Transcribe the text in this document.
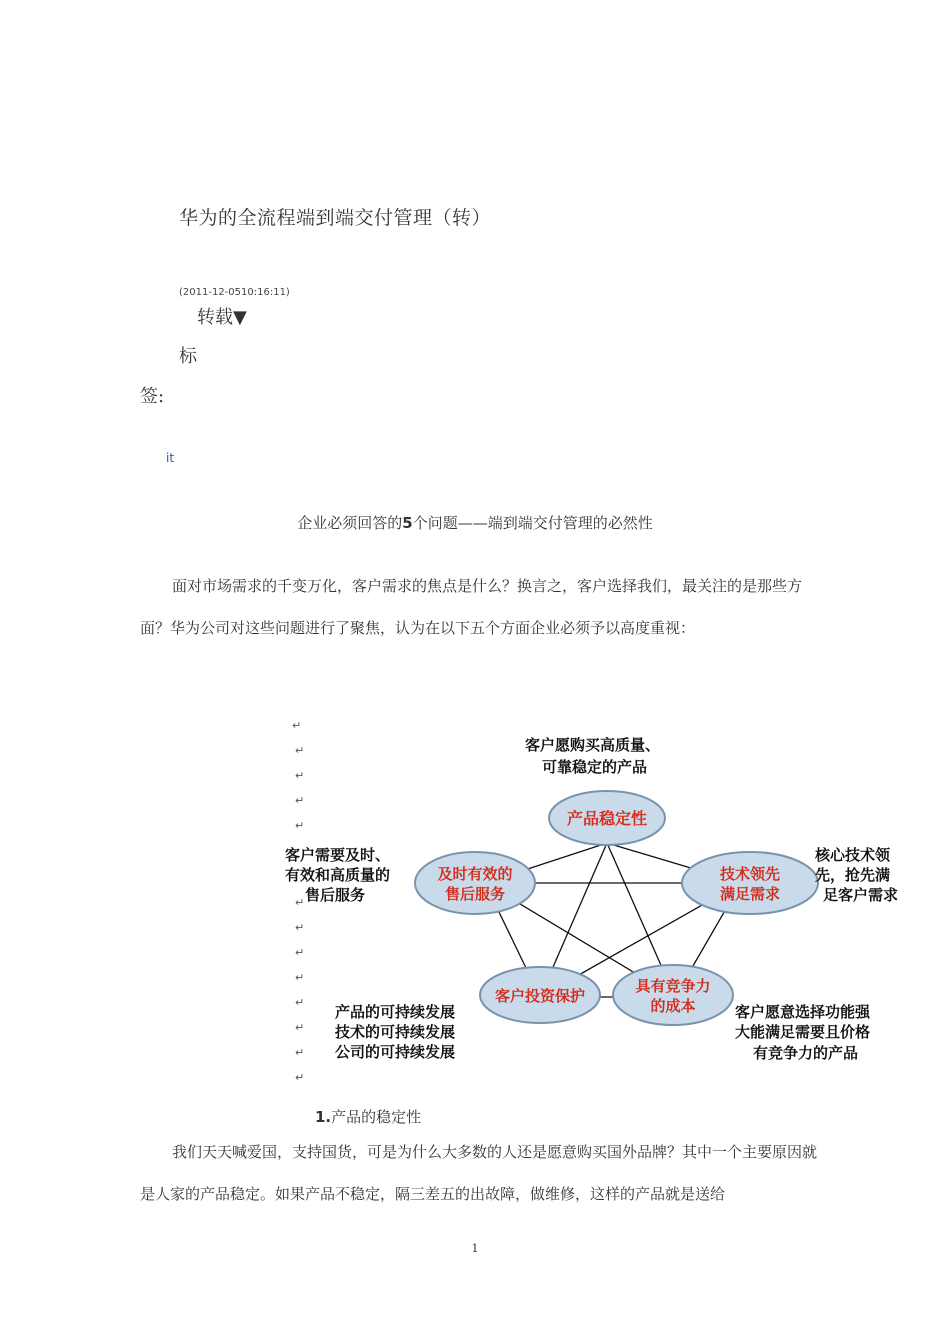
华为的全流程端到端交付管理（转）
(2011-12-0510:16:11)
转载▼
标
签:
it
企业必须回答的5个问题——端到端交付管理的必然性
面对市场需求的千变万化，客户需求的焦点是什么？换言之，客户选择我们，最关注的是那些方面？华为公司对这些问题进行了聚焦，认为在以下五个方面企业必须予以高度重视：
↵
↵
↵
↵
↵
↵
↵
↵
↵
↵
↵
↵
↵
产品稳定性
及时有效的
售后服务
技术领先
满足需求
客户投资保护
具有竞争力
的成本
客户愿购买高质量、
可靠稳定的产品
客户需要及时、
有效和高质量的
售后服务
核心技术领
先，抢先满
足客户需求
产品的可持续发展
技术的可持续发展
公司的可持续发展
客户愿意选择功能强
大能满足需要且价格
有竞争力的产品
1.产品的稳定性
我们天天喊爱国，支持国货，可是为什么大多数的人还是愿意购买国外品牌？其中一个主要原因就是人家的产品稳定。如果产品不稳定，隔三差五的出故障，做维修，这样的产品就是送给
1
